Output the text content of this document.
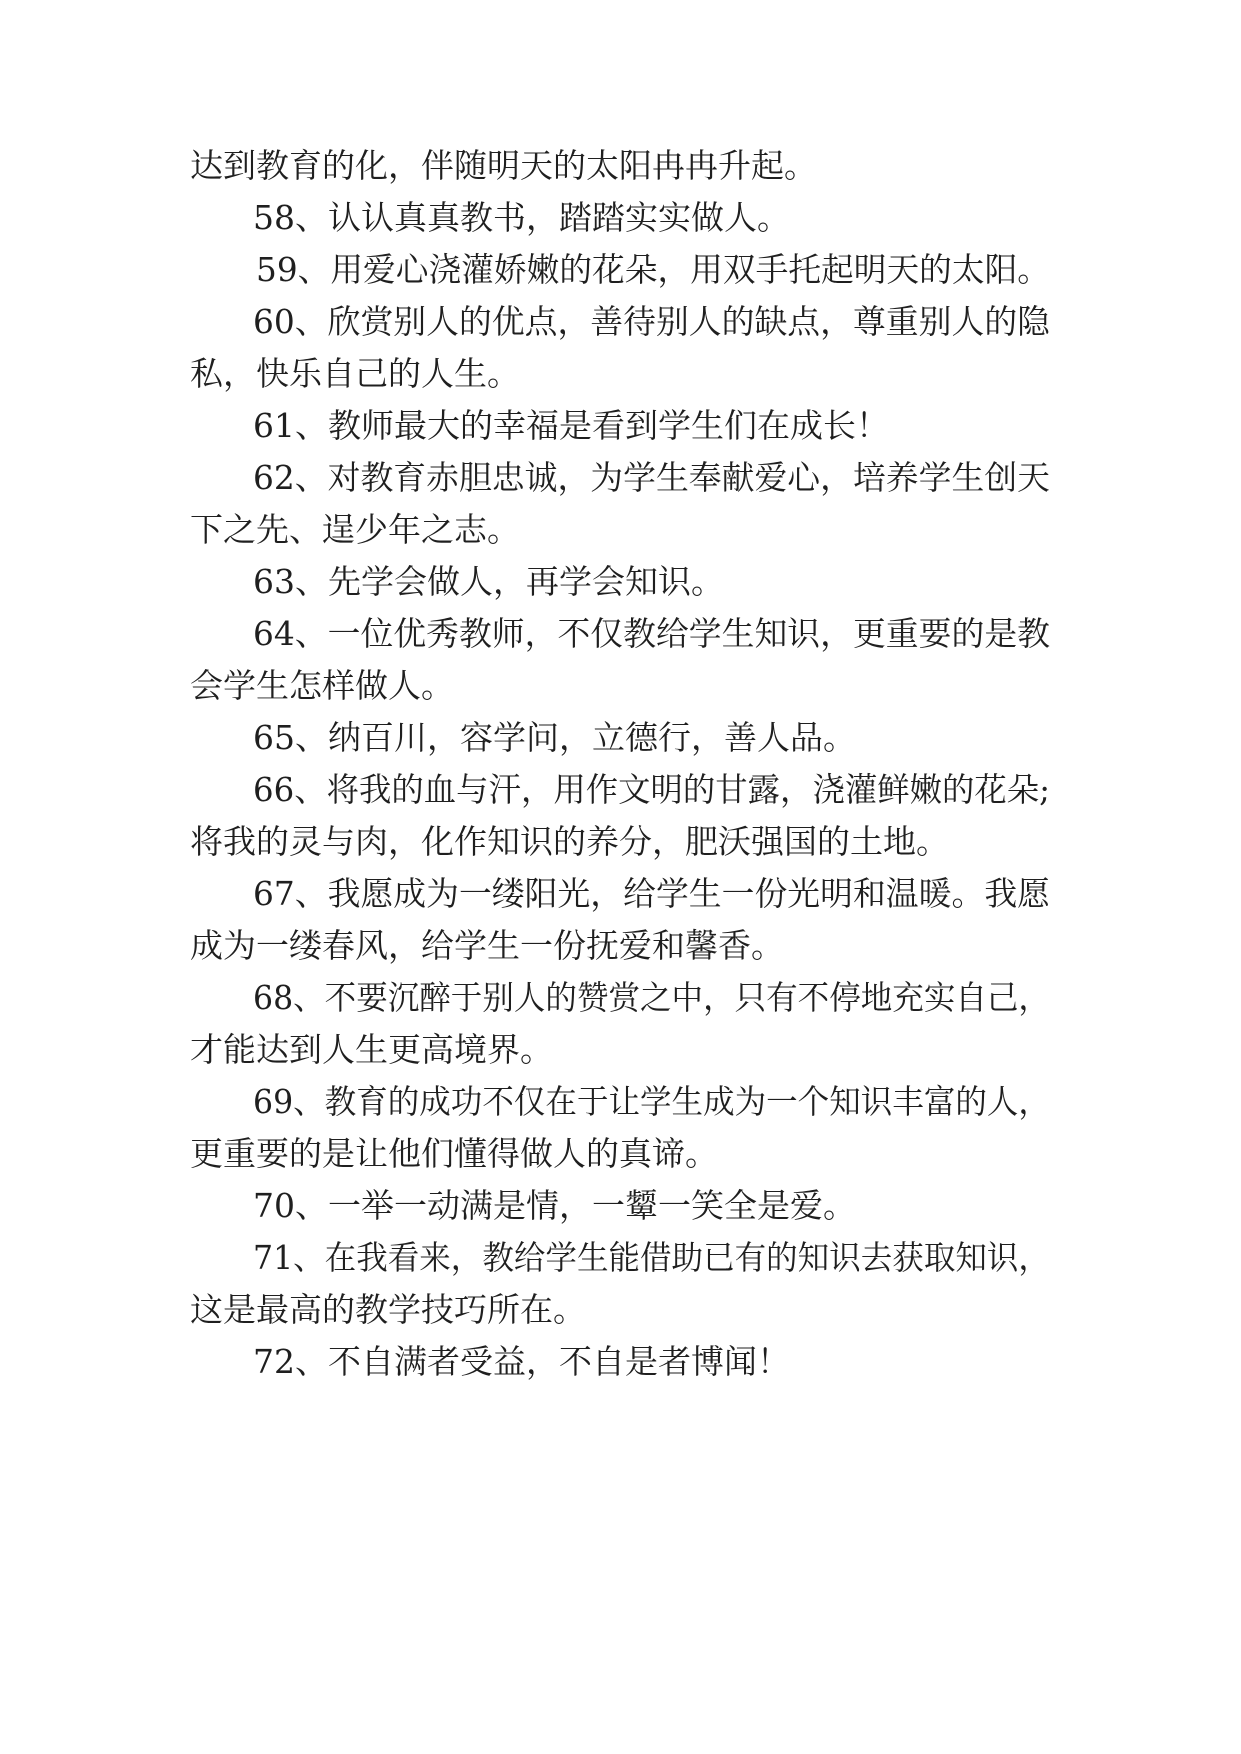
达到教育的化，伴随明天的太阳冉冉升起。

58、认认真真教书，踏踏实实做人。

59、用爱心浇灌娇嫩的花朵，用双手托起明天的太阳。

60、欣赏别人的优点，善待别人的缺点，尊重别人的隐

私，快乐自己的人生。

61、教师最大的幸福是看到学生们在成长！

62、对教育赤胆忠诚，为学生奉献爱心，培养学生创天

下之先、逞少年之志。

63、先学会做人，再学会知识。

64、一位优秀教师，不仅教给学生知识，更重要的是教

会学生怎样做人。

65、纳百川，容学问，立德行，善人品。

66、将我的血与汗，用作文明的甘露，浇灌鲜嫩的花朵;

将我的灵与肉，化作知识的养分，肥沃强国的土地。

67、我愿成为一缕阳光，给学生一份光明和温暖。我愿

成为一缕春风，给学生一份抚爱和馨香。

68、不要沉醉于别人的赞赏之中，只有不停地充实自己，

才能达到人生更高境界。

69、教育的成功不仅在于让学生成为一个知识丰富的人，

更重要的是让他们懂得做人的真谛。

70、一举一动满是情，一颦一笑全是爱。

71、在我看来，教给学生能借助已有的知识去获取知识，

这是最高的教学技巧所在。

72、不自满者受益，不自是者博闻！
